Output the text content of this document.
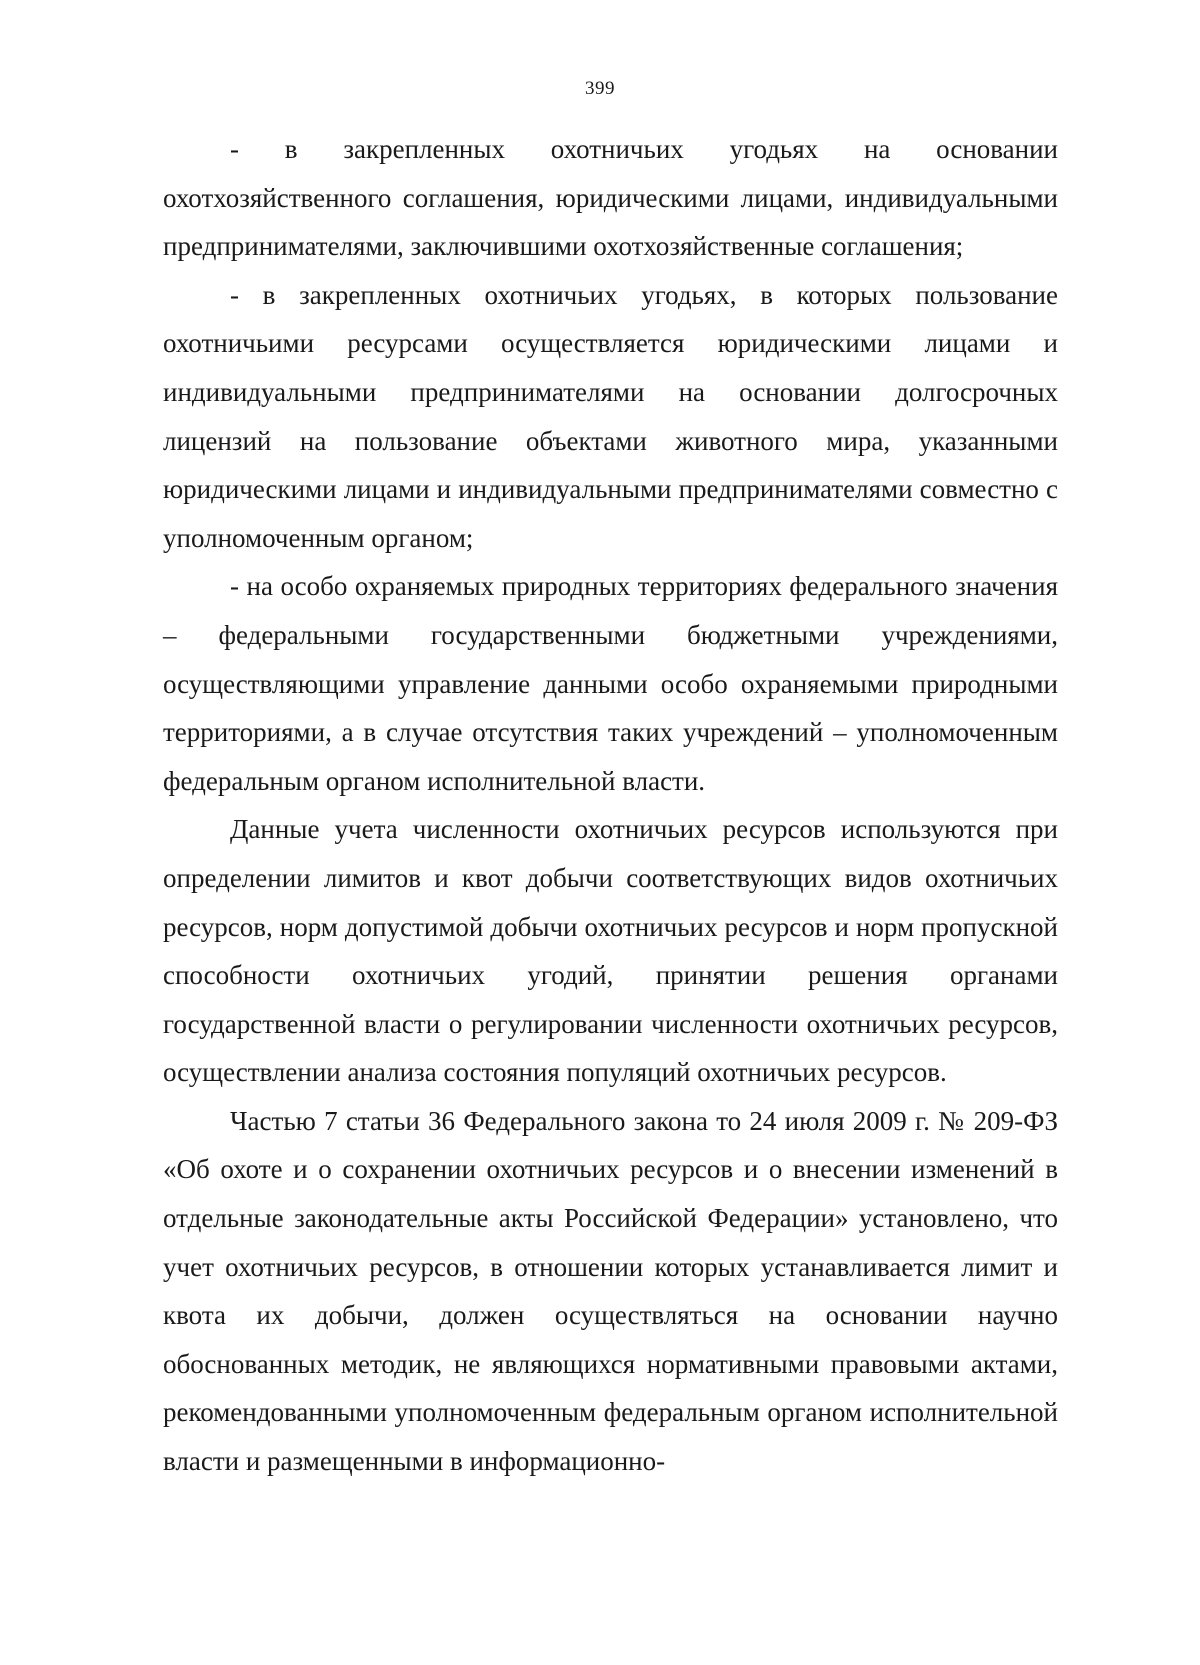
399

- в закрепленных охотничьих угодьях на основании охотхозяйственного соглашения, юридическими лицами, индивидуальными предпринимателями, заключившими охотхозяйственные соглашения;

- в закрепленных охотничьих угодьях, в которых пользование охотничьими ресурсами осуществляется юридическими лицами и индивидуальными предпринимателями на основании долгосрочных лицензий на пользование объектами животного мира, указанными юридическими лицами и индивидуальными предпринимателями совместно с уполномоченным органом;

- на особо охраняемых природных территориях федерального значения – федеральными государственными бюджетными учреждениями, осуществляющими управление данными особо охраняемыми природными территориями, а в случае отсутствия таких учреждений – уполномоченным федеральным органом исполнительной власти.

Данные учета численности охотничьих ресурсов используются при определении лимитов и квот добычи соответствующих видов охотничьих ресурсов, норм допустимой добычи охотничьих ресурсов и норм пропускной способности охотничьих угодий, принятии решения органами государственной власти о регулировании численности охотничьих ресурсов, осуществлении анализа состояния популяций охотничьих ресурсов.

Частью 7 статьи 36 Федерального закона то 24 июля 2009 г. № 209-ФЗ «Об охоте и о сохранении охотничьих ресурсов и о внесении изменений в отдельные законодательные акты Российской Федерации» установлено, что учет охотничьих ресурсов, в отношении которых устанавливается лимит и квота их добычи, должен осуществляться на основании научно обоснованных методик, не являющихся нормативными правовыми актами, рекомендованными уполномоченным федеральным органом исполнительной власти и размещенными в информационно-
